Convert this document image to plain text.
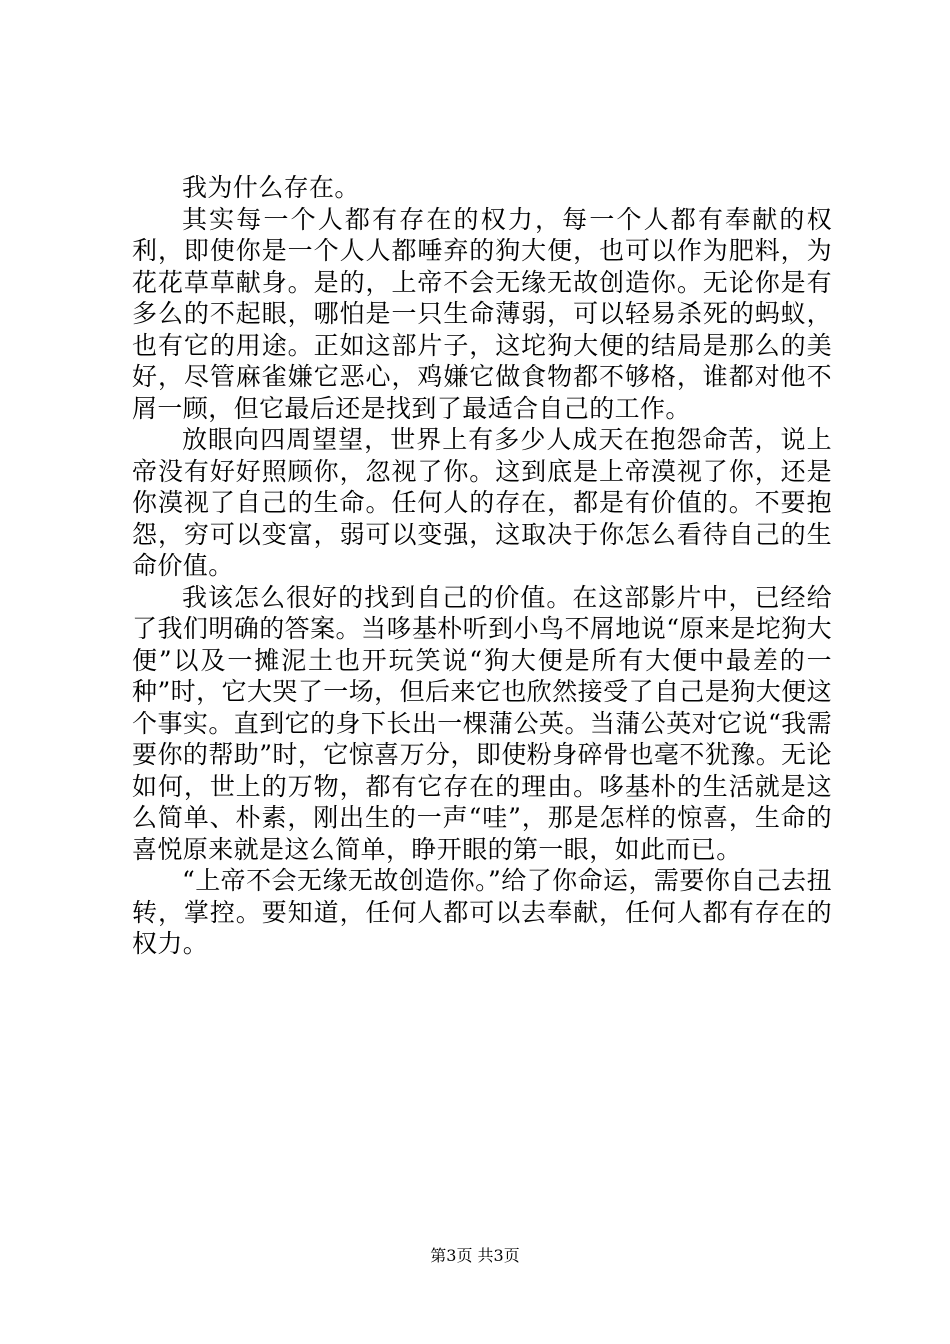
我为什么存在。

其实每一个人都有存在的权力，每一个人都有奉献的权利，即使你是一个人人都唾弃的狗大便，也可以作为肥料，为花花草草献身。是的，上帝不会无缘无故创造你。无论你是有多么的不起眼，哪怕是一只生命薄弱，可以轻易杀死的蚂蚁，也有它的用途。正如这部片子，这坨狗大便的结局是那么的美好，尽管麻雀嫌它恶心，鸡嫌它做食物都不够格，谁都对他不屑一顾，但它最后还是找到了最适合自己的工作。

放眼向四周望望，世界上有多少人成天在抱怨命苦，说上帝没有好好照顾你，忽视了你。这到底是上帝漠视了你，还是你漠视了自己的生命。任何人的存在，都是有价值的。不要抱怨，穷可以变富，弱可以变强，这取决于你怎么看待自己的生命价值。

我该怎么很好的找到自己的价值。在这部影片中，已经给了我们明确的答案。当哆基朴听到小鸟不屑地说“原来是坨狗大便”以及一摊泥土也开玩笑说“狗大便是所有大便中最差的一种”时，它大哭了一场，但后来它也欣然接受了自己是狗大便这个事实。直到它的身下长出一棵蒲公英。当蒲公英对它说“我需要你的帮助”时，它惊喜万分，即使粉身碎骨也毫不犹豫。无论如何，世上的万物，都有它存在的理由。哆基朴的生活就是这么简单、朴素，刚出生的一声“哇”，那是怎样的惊喜，生命的喜悦原来就是这么简单，睁开眼的第一眼，如此而已。

“上帝不会无缘无故创造你。”给了你命运，需要你自己去扭转，掌控。要知道，任何人都可以去奉献，任何人都有存在的权力。

第3页 共3页
